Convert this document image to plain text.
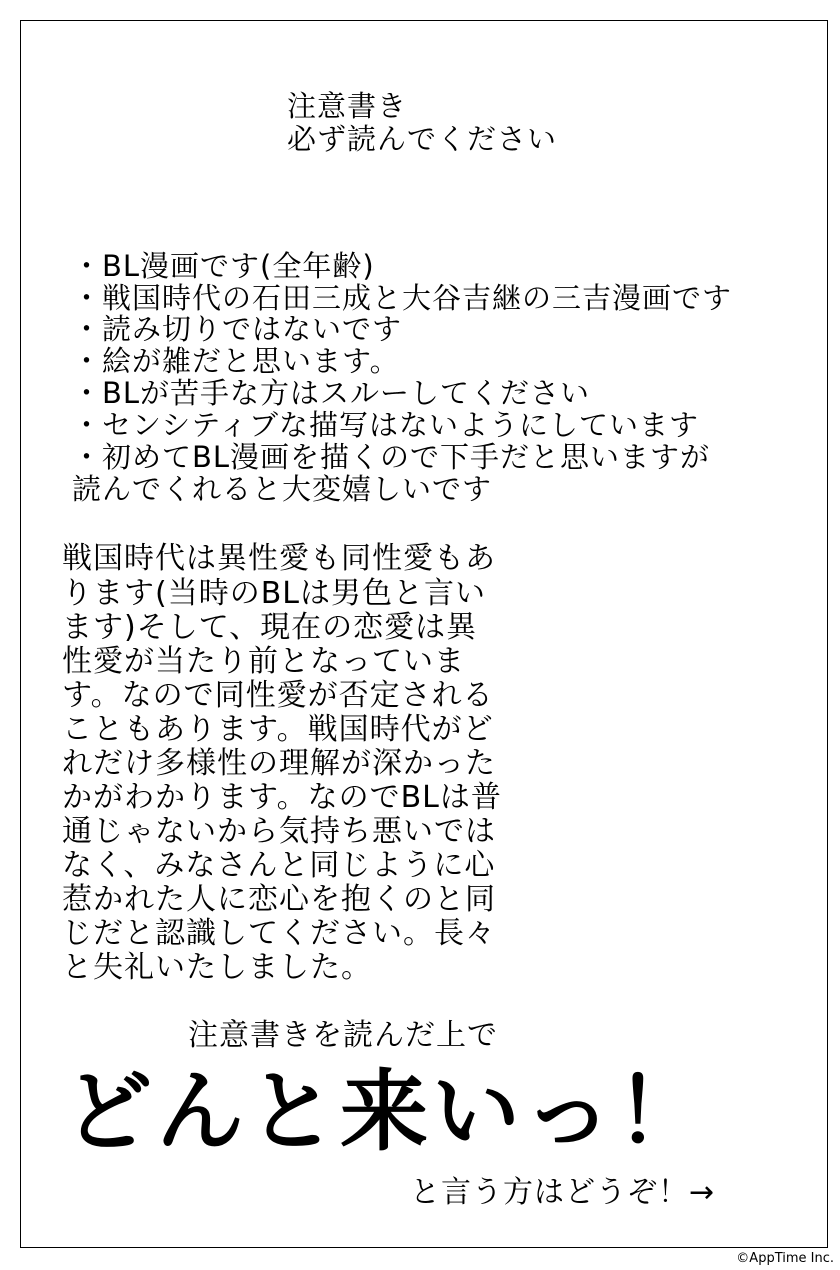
注意書き
必ず読んでください
・BL漫画です(全年齢)
・戦国時代の石田三成と大谷吉継の三吉漫画です
・読み切りではないです
・絵が雑だと思います。
・BLが苦手な方はスルーしてください
・センシティブな描写はないようにしています
・初めてBL漫画を描くので下手だと思いますが
読んでくれると大変嬉しいです
戦国時代は異性愛も同性愛もあ
ります(当時のBLは男色と言い
ます)そして、現在の恋愛は異
性愛が当たり前となっていま
す。なので同性愛が否定される
こともあります。戦国時代がど
れだけ多様性の理解が深かった
かがわかります。なのでBLは普
通じゃないから気持ち悪いでは
なく、みなさんと同じように心
惹かれた人に恋心を抱くのと同
じだと認識してください。長々
と失礼いたしました。
注意書きを読んだ上で
どんと来いっ！
と言う方はどうぞ！→
©AppTime Inc.
